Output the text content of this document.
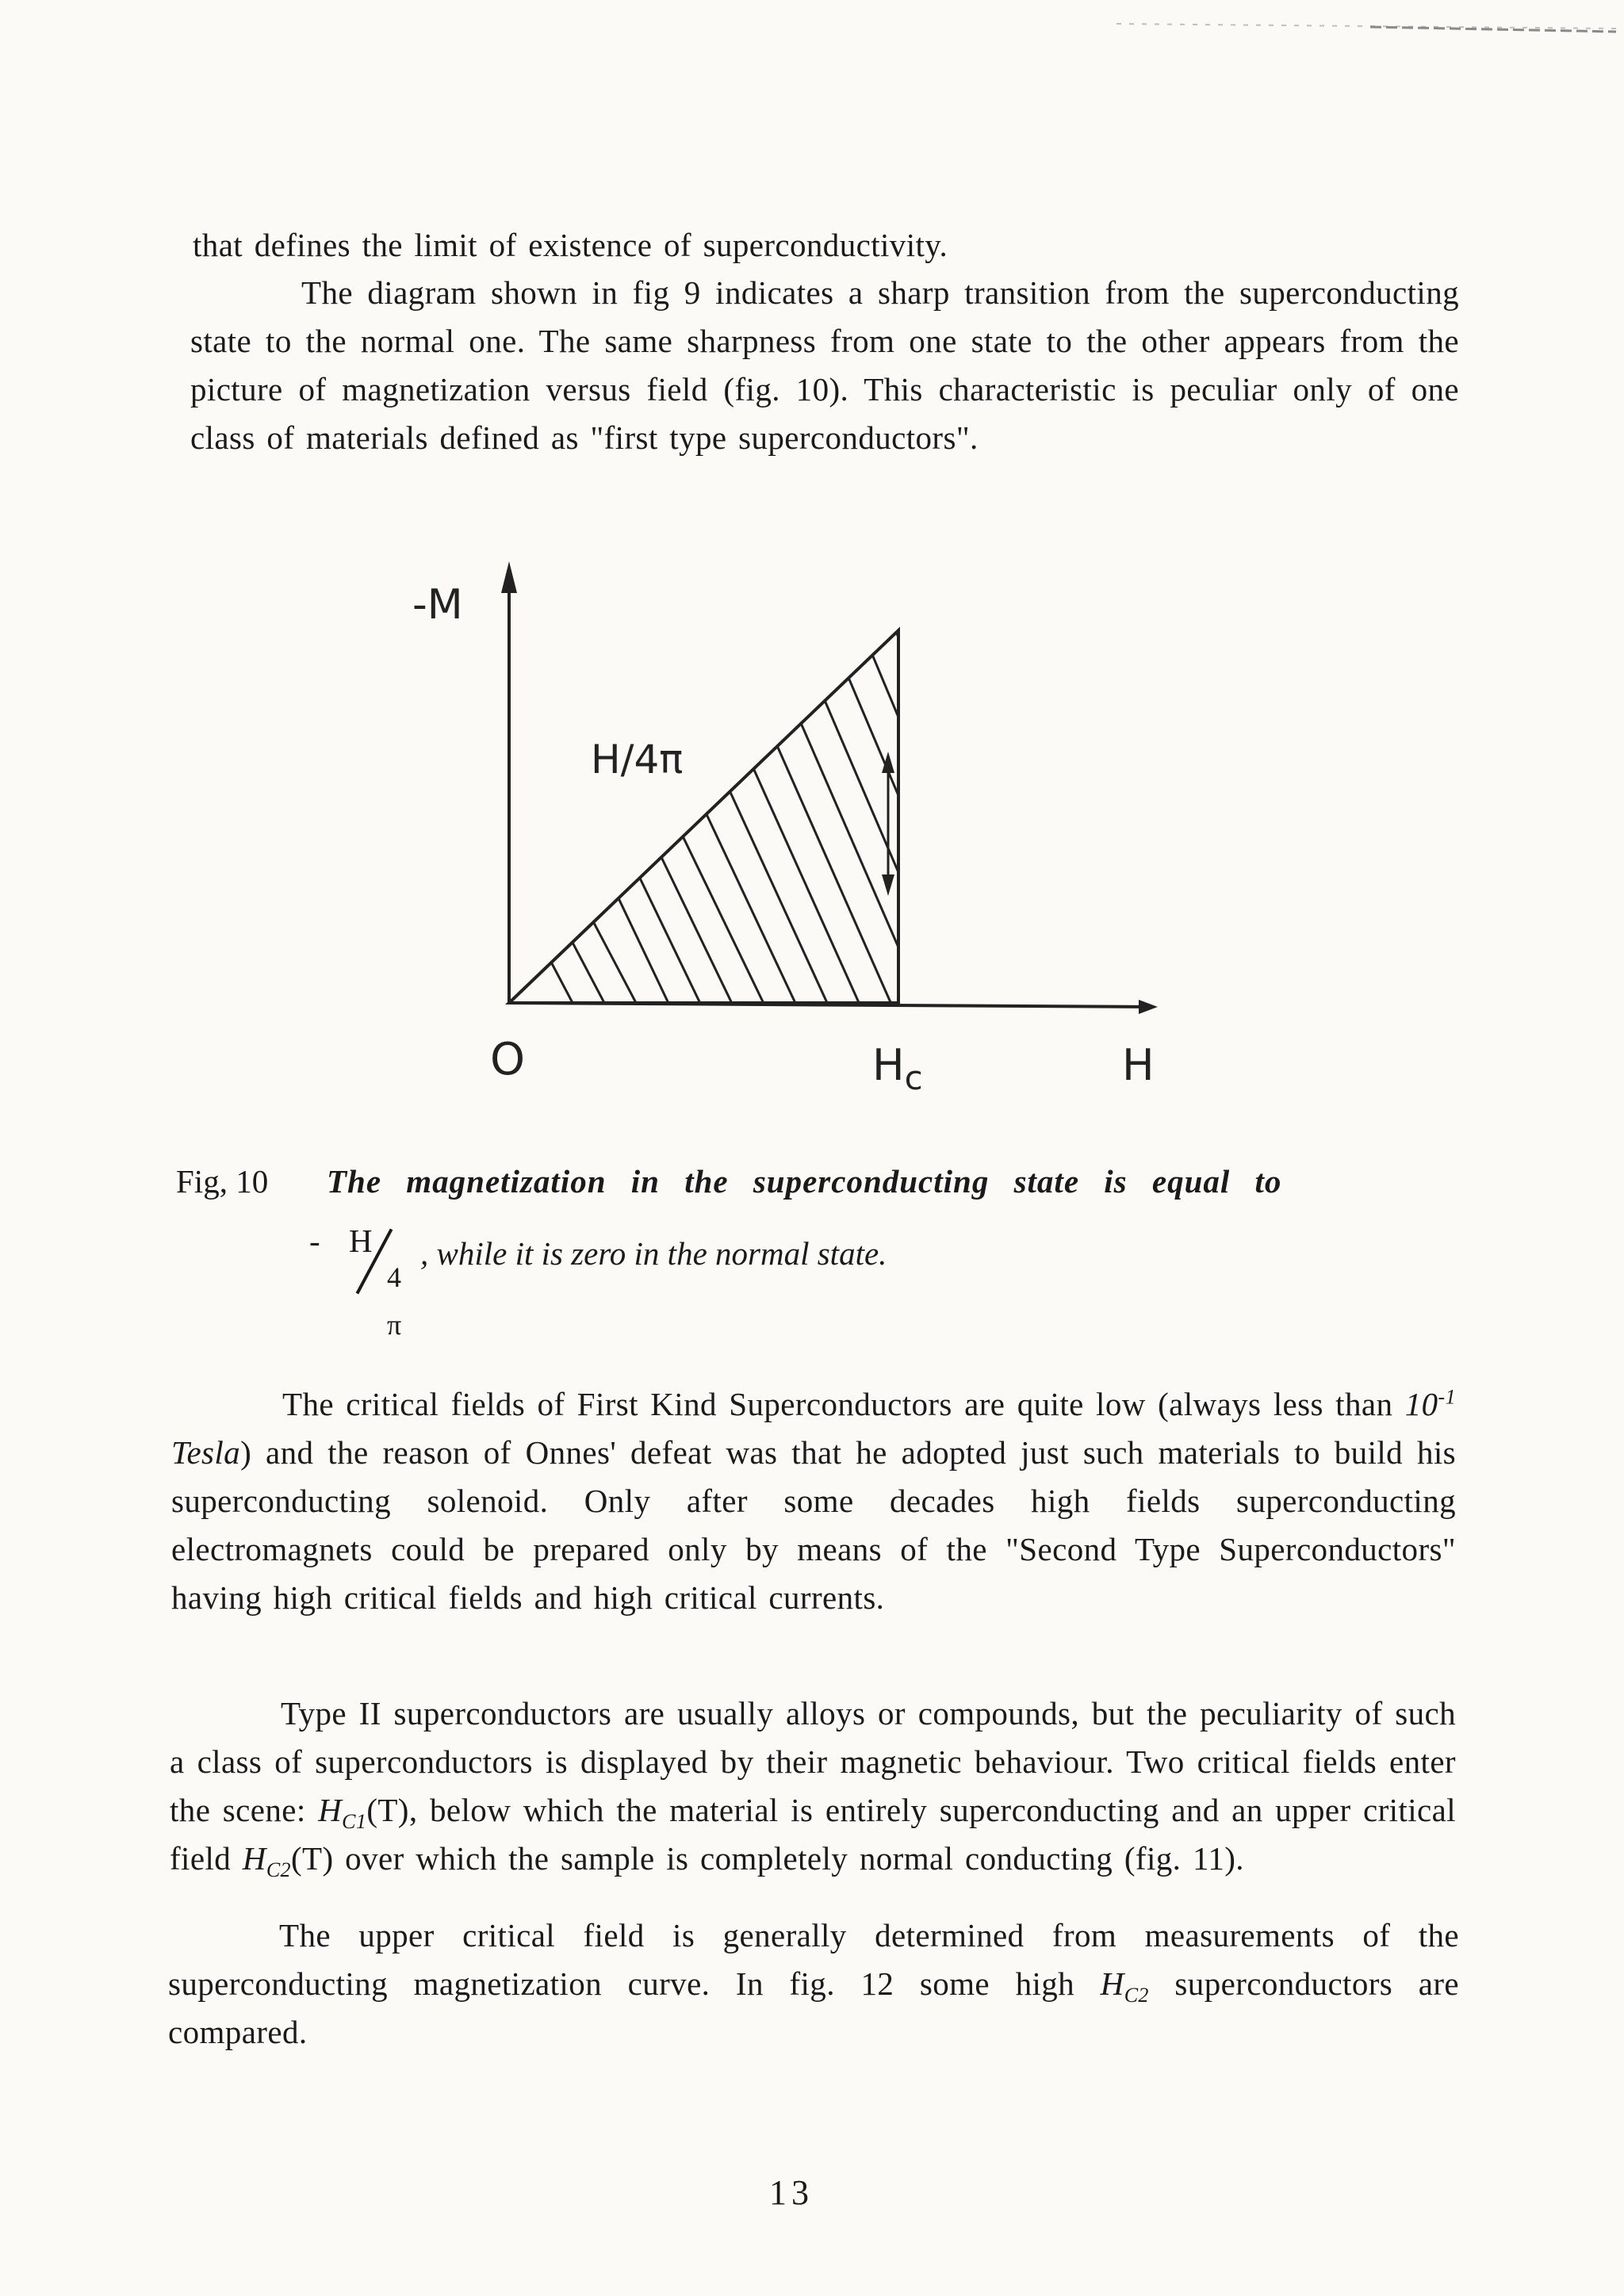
that defines the limit of existence of superconductivity.

The diagram shown in fig 9 indicates a sharp transition from the superconducting state to the normal one. The same sharpness from one state to the other appears from the picture of magnetization versus field (fig. 10). This characteristic is peculiar only of one class of materials defined as "first type superconductors".

-M
H/4π
O	$H_c$	H
Fig, 10 The magnetization in the superconducting state is equal to
- H
4 π
, while it is zero in the normal state.

The critical fields of First Kind Superconductors are quite low (always less than $10^{-1}$ Tesla) and the reason of Onnes' defeat was that he adopted just such materials to build his superconducting solenoid. Only after some decades high fields superconducting electromagnets could be prepared only by means of the "Second Type Superconductors" having high critical fields and high critical currents.

Type II superconductors are usually alloys or compounds, but the peculiarity of such a class of superconductors is displayed by their magnetic behaviour. Two critical fields enter the scene: $H_{C1}(T)$, below which the material is entirely superconducting and an upper critical field $H_{C2}(T)$ over which the sample is completely normal conducting (fig. 11).

The upper critical field is generally determined from measurements of the superconducting magnetization curve. In fig. 12 some high $H_{C2}$ superconductors are compared.

13
